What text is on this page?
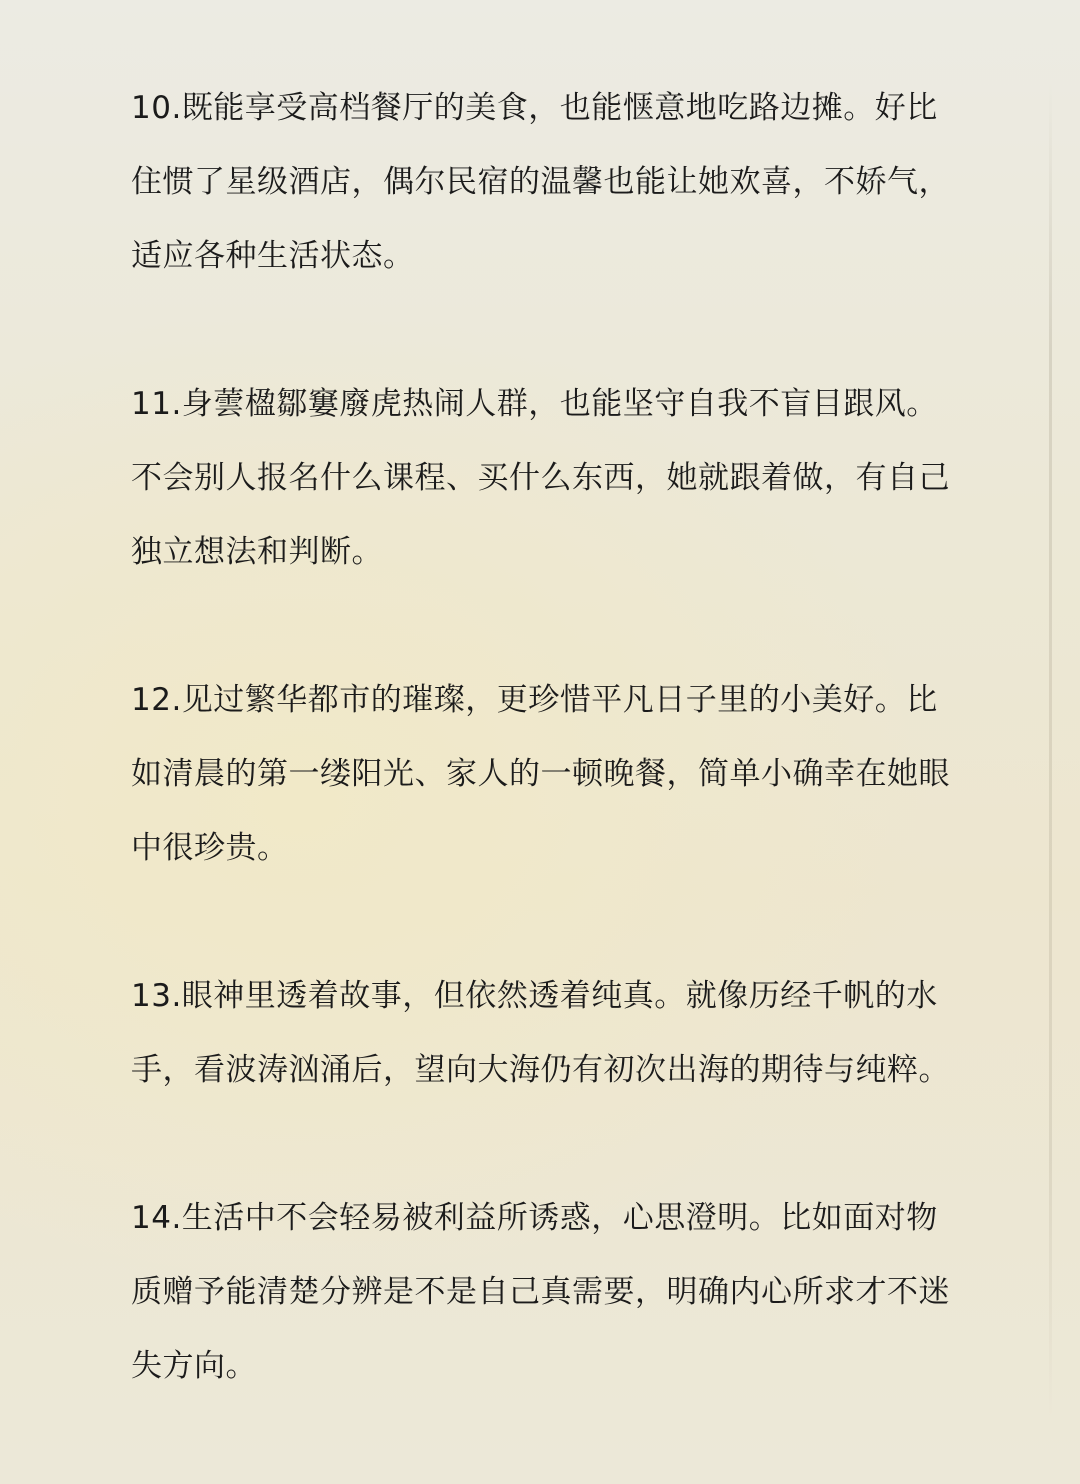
10.既能享受高档餐厅的美食，也能惬意地吃路边摊。好比
住惯了星级酒店，偶尔民宿的温馨也能让她欢喜，不娇气，
适应各种生活状态。

11.身蕓楹鄒窶廢虎热闹人群，也能坚守自我不盲目跟风。
不会别人报名什么课程、买什么东西，她就跟着做，有自己
独立想法和判断。

12.见过繁华都市的璀璨，更珍惜平凡日子里的小美好。比
如清晨的第一缕阳光、家人的一顿晚餐，简单小确幸在她眼
中很珍贵。

13.眼神里透着故事，但依然透着纯真。就像历经千帆的水
手，看波涛汹涌后，望向大海仍有初次出海的期待与纯粹。

14.生活中不会轻易被利益所诱惑，心思澄明。比如面对物
质赠予能清楚分辨是不是自己真需要，明确内心所求才不迷
失方向。
